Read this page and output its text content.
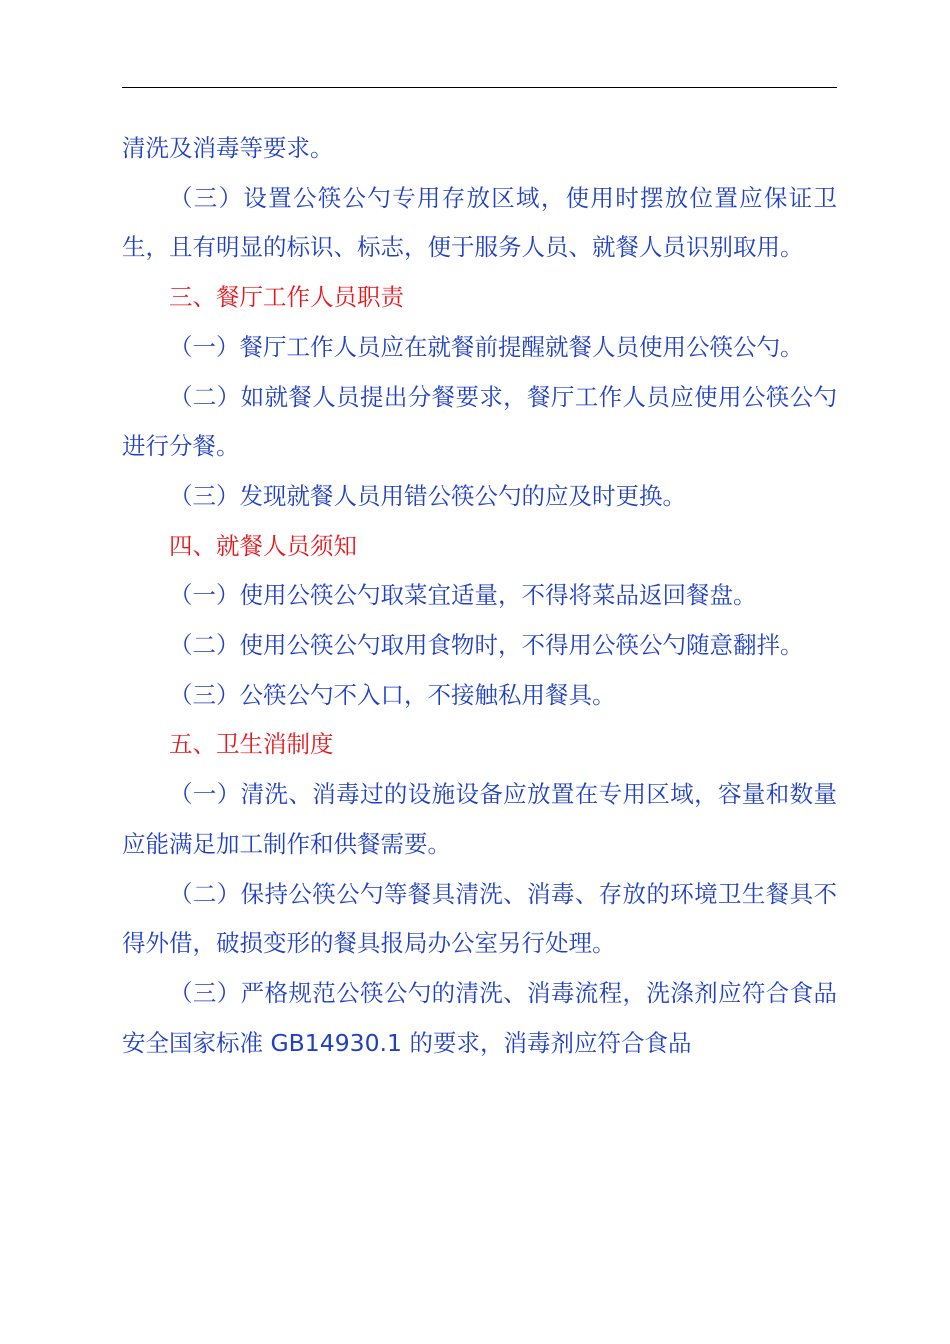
清洗及消毒等要求。

（三）设置公筷公勺专用存放区域，使用时摆放位置应保证卫生，且有明显的标识、标志，便于服务人员、就餐人员识别取用。

三、餐厅工作人员职责

（一）餐厅工作人员应在就餐前提醒就餐人员使用公筷公勺。

（二）如就餐人员提出分餐要求，餐厅工作人员应使用公筷公勺进行分餐。

（三）发现就餐人员用错公筷公勺的应及时更换。

四、就餐人员须知

（一）使用公筷公勺取菜宜适量，不得将菜品返回餐盘。

（二）使用公筷公勺取用食物时，不得用公筷公勺随意翻拌。

（三）公筷公勺不入口，不接触私用餐具。

五、卫生消制度

（一）清洗、消毒过的设施设备应放置在专用区域，容量和数量应能满足加工制作和供餐需要。

（二）保持公筷公勺等餐具清洗、消毒、存放的环境卫生餐具不得外借，破损变形的餐具报局办公室另行处理。

（三）严格规范公筷公勺的清洗、消毒流程，洗涤剂应符合食品安全国家标准 GB14930.1 的要求，消毒剂应符合食品
